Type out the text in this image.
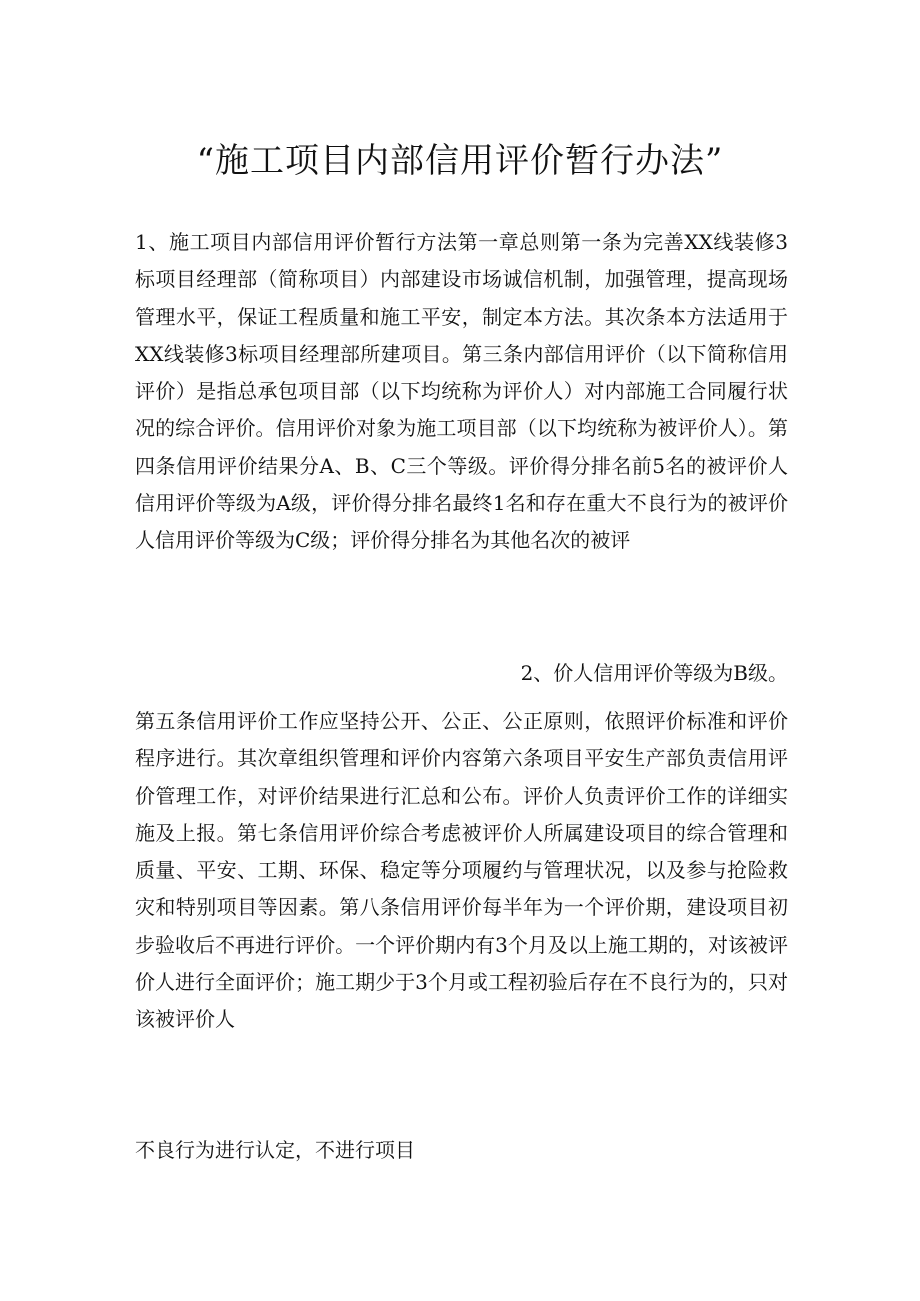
“施工项目内部信用评价暂行办法”

1、施工项目内部信用评价暂行方法第一章总则第一条为完善XX线装修3标项目经理部（简称项目）内部建设市场诚信机制，加强管理，提高现场管理水平，保证工程质量和施工平安，制定本方法。其次条本方法适用于XX线装修3标项目经理部所建项目。第三条内部信用评价（以下简称信用评价）是指总承包项目部（以下均统称为评价人）对内部施工合同履行状况的综合评价。信用评价对象为施工项目部（以下均统称为被评价人）。第四条信用评价结果分A、B、C三个等级。评价得分排名前5名的被评价人信用评价等级为A级，评价得分排名最终1名和存在重大不良行为的被评价人信用评价等级为C级；评价得分排名为其他名次的被评

2、价人信用评价等级为B级。

第五条信用评价工作应坚持公开、公正、公正原则，依照评价标准和评价程序进行。其次章组织管理和评价内容第六条项目平安生产部负责信用评价管理工作，对评价结果进行汇总和公布。评价人负责评价工作的详细实施及上报。第七条信用评价综合考虑被评价人所属建设项目的综合管理和质量、平安、工期、环保、稳定等分项履约与管理状况，以及参与抢险救灾和特别项目等因素。第八条信用评价每半年为一个评价期，建设项目初步验收后不再进行评价。一个评价期内有3个月及以上施工期的，对该被评价人进行全面评价；施工期少于3个月或工程初验后存在不良行为的，只对该被评价人

不良行为进行认定，不进行项目
